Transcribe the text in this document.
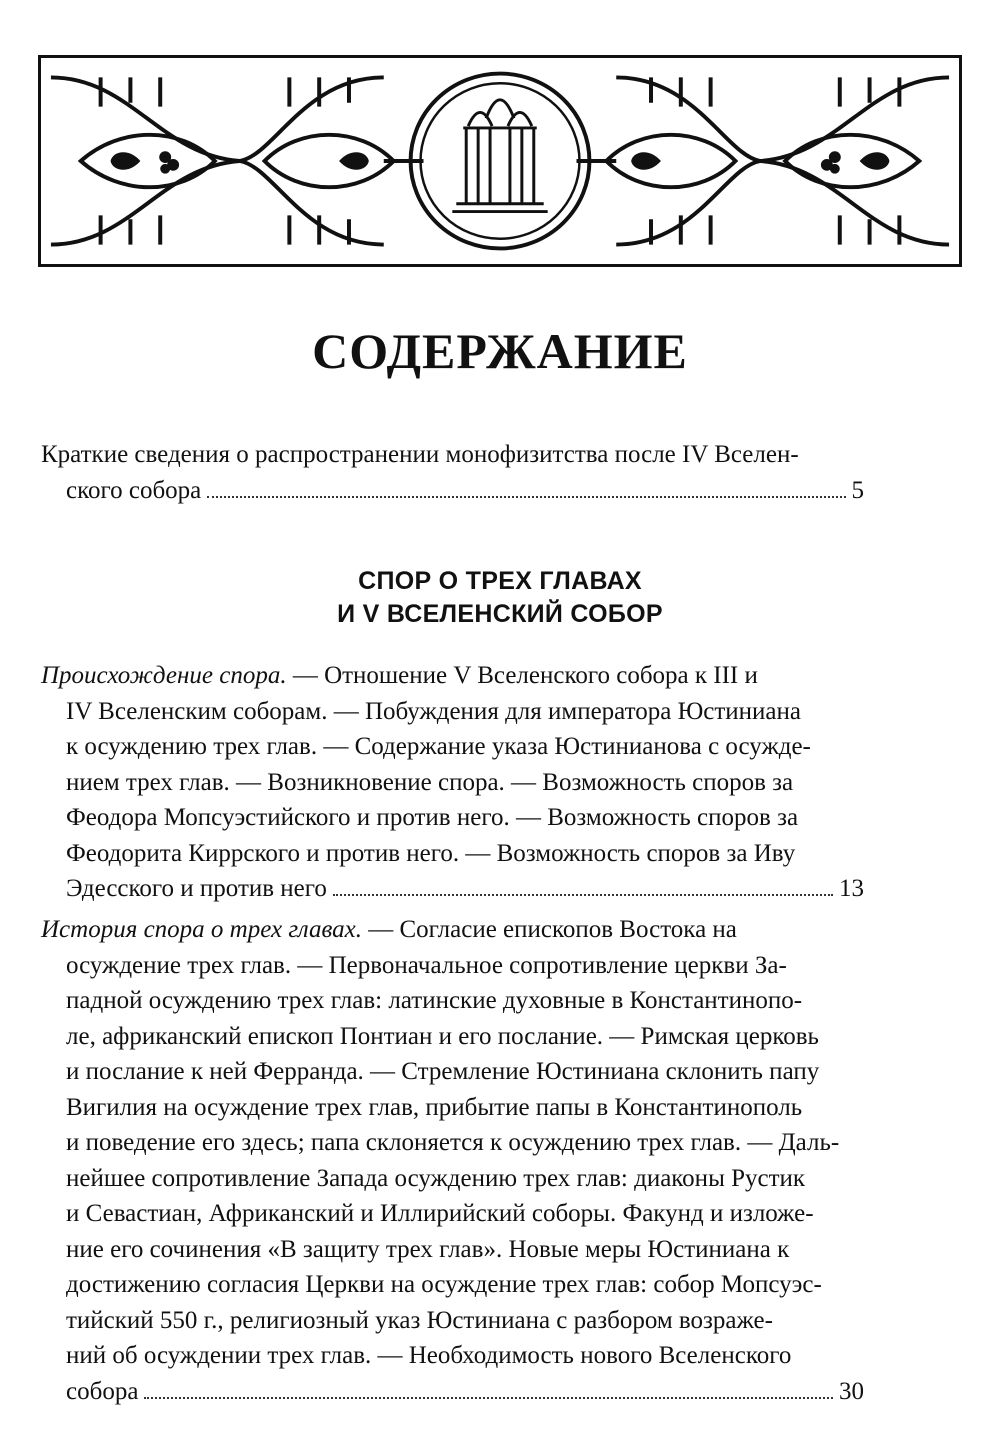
СОДЕРЖАНИЕ
Краткие сведения о распространении монофизитства после IV Вселен-
ского собора	5
СПОР О ТРЕХ ГЛАВАХ
И V ВСЕЛЕНСКИЙ СОБОР
Происхождение спора. — Отношение V Вселенского собора к III и
IV Вселенским соборам. — Побуждения для императора Юстиниана
к осуждению трех глав. — Содержание указа Юстинианова с осужде-
нием трех глав. — Возникновение спора. — Возможность споров за
Феодора Мопсуэстийского и против него. — Возможность споров за
Феодорита Киррского и против него. — Возможность споров за Иву
Эдесского и против него	13
История спора о трех главах. — Согласие епископов Востока на
осуждение трех глав. — Первоначальное сопротивление церкви За-
падной осуждению трех глав: латинские духовные в Константинопо-
ле, африканский епископ Понтиан и его послание. — Римская церковь
и послание к ней Ферранда. — Стремление Юстиниана склонить папу
Вигилия на осуждение трех глав, прибытие папы в Константинополь
и поведение его здесь; папа склоняется к осуждению трех глав. — Даль-
нейшее сопротивление Запада осуждению трех глав: диаконы Рустик
и Севастиан, Африканский и Иллирийский соборы. Факунд и изложе-
ние его сочинения «В защиту трех глав». Новые меры Юстиниана к
достижению согласия Церкви на осуждение трех глав: собор Мопсуэс-
тийский 550 г., религиозный указ Юстиниана с разбором возраже-
ний об осуждении трех глав. — Необходимость нового Вселенского
собора	30
